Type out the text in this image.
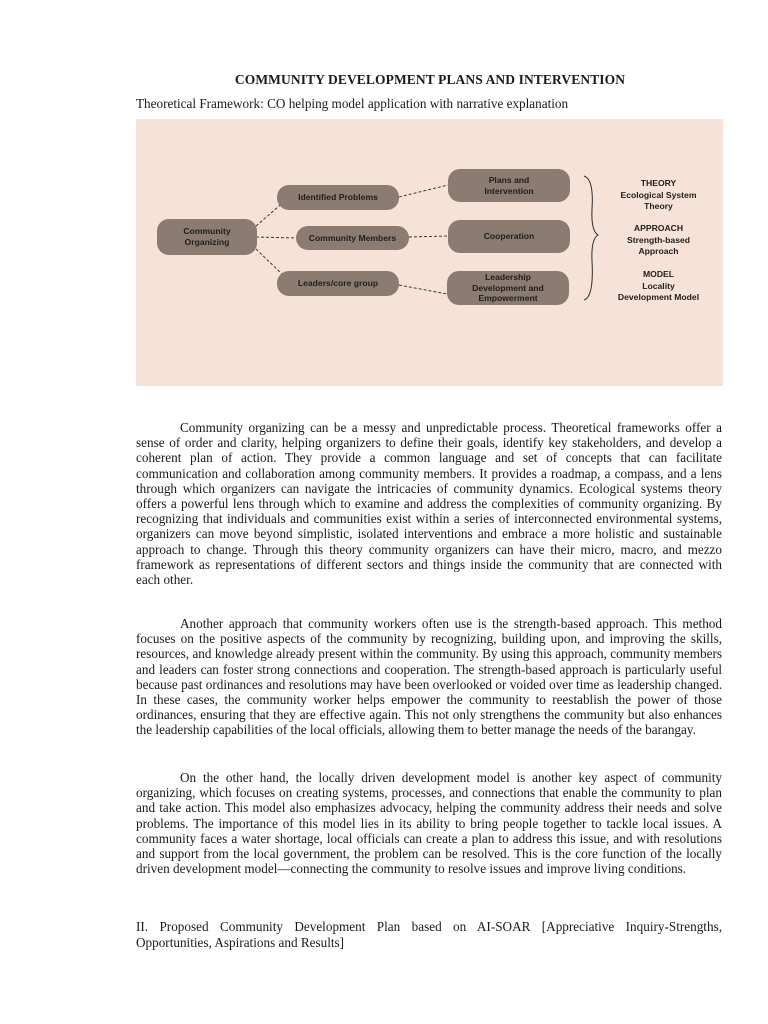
COMMUNITY DEVELOPMENT PLANS AND INTERVENTION
Theoretical Framework: CO helping model application with narrative explanation
Community
Organizing
Identified Problems
Community Members
Leaders/core group
Plans and
Intervention
Cooperation
Leadership
Development and
Empowerment
THEORY
Ecological System
Theory
APPROACH
Strength-based
Approach
MODEL
Locality
Development Model

Community organizing can be a messy and unpredictable process. Theoretical frameworks offer a sense of order and clarity, helping organizers to define their goals, identify key stakeholders, and develop a coherent plan of action. They provide a common language and set of concepts that can facilitate communication and collaboration among community members. It provides a roadmap, a compass, and a lens through which organizers can navigate the intricacies of community dynamics. Ecological systems theory offers a powerful lens through which to examine and address the complexities of community organizing. By recognizing that individuals and communities exist within a series of interconnected environmental systems, organizers can move beyond simplistic, isolated interventions and embrace a more holistic and sustainable approach to change. Through this theory community organizers can have their micro, macro, and mezzo framework as representations of different sectors and things inside the community that are connected with each other.

Another approach that community workers often use is the strength-based approach. This method focuses on the positive aspects of the community by recognizing, building upon, and improving the skills, resources, and knowledge already present within the community. By using this approach, community members and leaders can foster strong connections and cooperation. The strength-based approach is particularly useful because past ordinances and resolutions may have been overlooked or voided over time as leadership changed. In these cases, the community worker helps empower the community to reestablish the power of those ordinances, ensuring that they are effective again. This not only strengthens the community but also enhances the leadership capabilities of the local officials, allowing them to better manage the needs of the barangay.

On the other hand, the locally driven development model is another key aspect of community organizing, which focuses on creating systems, processes, and connections that enable the community to plan and take action. This model also emphasizes advocacy, helping the community address their needs and solve problems. The importance of this model lies in its ability to bring people together to tackle local issues. A community faces a water shortage, local officials can create a plan to address this issue, and with resolutions and support from the local government, the problem can be resolved. This is the core function of the locally driven development model—connecting the community to resolve issues and improve living conditions.

II. Proposed Community Development Plan based on AI-SOAR [Appreciative Inquiry-Strengths, Opportunities, Aspirations and Results]
